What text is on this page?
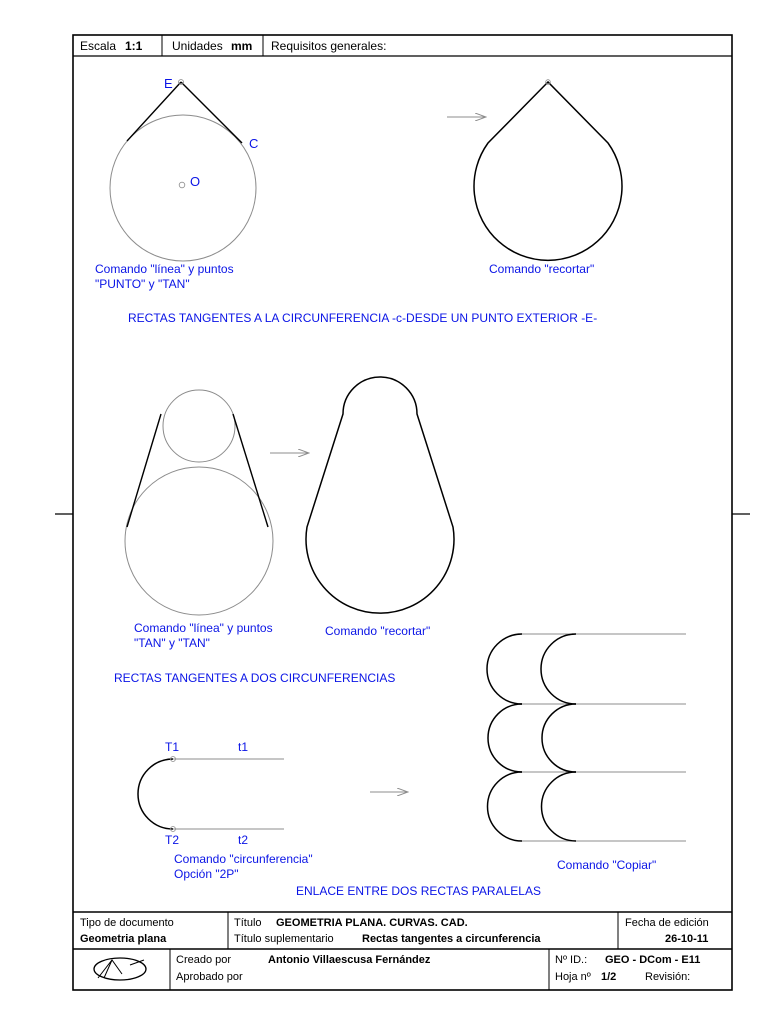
Escala 1:1 Unidades mm Requisitos generales:
E
C
O
Comando "línea" y puntos
"PUNTO" y "TAN"
Comando "recortar"
RECTAS TANGENTES A LA CIRCUNFERENCIA -c-DESDE UN PUNTO EXTERIOR -E-
Comando "línea" y puntos
"TAN" y "TAN"
Comando "recortar"
RECTAS TANGENTES A DOS CIRCUNFERENCIAS
T1	t1
T2	t2
Comando "circunferencia"
Opción "2P"
Comando "Copiar"
ENLACE ENTRE DOS RECTAS PARALELAS
Tipo de documento
Geometria plana
Título GEOMETRIA PLANA. CURVAS. CAD.
Título suplementario	Rectas tangentes a circunferencia
Fecha de edición
26-10-11
Creado por	Antonio Villaescusa Fernández
Aprobado por
Nº ID.: GEO - DCom - E11
Hoja nº 1/2	Revisión:
